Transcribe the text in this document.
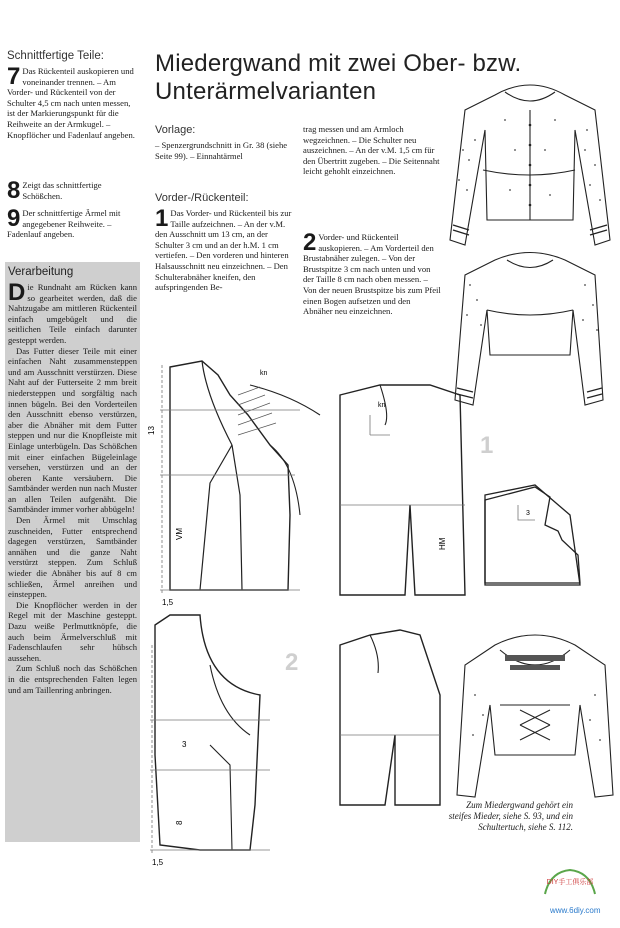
Schnittfertige Teile:
7 Das Rückenteil auskopieren und voneinander trennen. – Am Vorder- und Rückenteil von der Schulter 4,5 cm nach unten messen, ist der Markierungspunkt für die Reihweite an der Armkugel. – Knopflöcher und Fadenlauf angeben.
8 Zeigt das schnittfertige Schößchen.
9 Der schnittfertige Ärmel mit angegebener Reihweite. – Fadenlauf angeben.
Verarbeitung

Die Rundnaht am Rücken kann so gearbeitet werden, daß die Nahtzugabe am mittleren Rückenteil einfach umgebügelt und die seitlichen Teile einfach darunter gesteppt werden.

Das Futter dieser Teile mit einer einfachen Naht zusammensteppen und am Ausschnitt verstürzen. Diese Naht auf der Futterseite 2 mm breit niedersteppen und sorgfältig nach innen bügeln. Bei den Vorderteilen den Ausschnitt ebenso verstürzen, aber die Abnäher mit dem Futter steppen und nur die Knopfleiste mit Einlage unterbügeln. Das Schößchen mit einer einfachen Bügeleinlage versehen, verstürzen und an der oberen Kante versäubern. Die Samtbänder werden nun nach Muster an allen Teilen aufgenäht. Die Samtbänder immer vorher abbügeln!

Den Ärmel mit Umschlag zuschneiden, Futter entsprechend dagegen verstürzen, Samtbänder annähen und die ganze Naht verstürzt steppen. Zum Schluß wieder die Abnäher bis auf 8 cm schließen, Ärmel anreihen und einsteppen.

Die Knopflöcher werden in der Regel mit der Maschine gesteppt. Dazu weiße Perlmuttknöpfe, die auch beim Ärmelverschluß mit Fadenschlaufen sehr hübsch aussehen.

Zum Schluß noch das Schößchen in die entsprechenden Falten legen und am Taillenring anbringen.

Miedergwand mit zwei Ober- bzw. Unterärmelvarianten
Vorlage:
– Spenzergrundschnitt in Gr. 38 (siehe Seite 99). – Einnahtärmel
Vorder-/Rückenteil:
1 Das Vorder- und Rückenteil bis zur Taille aufzeichnen. – An der v.M. den Ausschnitt um 13 cm, an der Schulter 3 cm und an der h.M. 1 cm vertiefen. – Den vorderen und hinteren Halsausschnitt neu einzeichnen. – Den Schulterabnäher kneifen, den aufspringenden Be-
trag messen und am Armloch wegzeichnen. – Die Schulter neu auszeichnen. – An der v.M. 1,5 cm für den Übertritt zugeben. – Die Seitennaht leicht gehohlt einzeichnen.
2 Vorder- und Rückenteil auskopieren. – Am Vorderteil den Brustabnäher zulegen. – Von der Brustspitze 3 cm nach unten und von der Taille 8 cm nach oben messen. – Von der neuen Brustspitze bis zum Pfeil einen Bogen aufsetzen und den Abnäher neu einzeichnen.
VM
13
1,5
kn
HM
kn
3
8
1,5
1
2
3
Zum Miedergwand gehört ein steifes Mieder, siehe S. 93, und ein Schultertuch, siehe S. 112.
DIY手工俱乐部
www.6diy.com
